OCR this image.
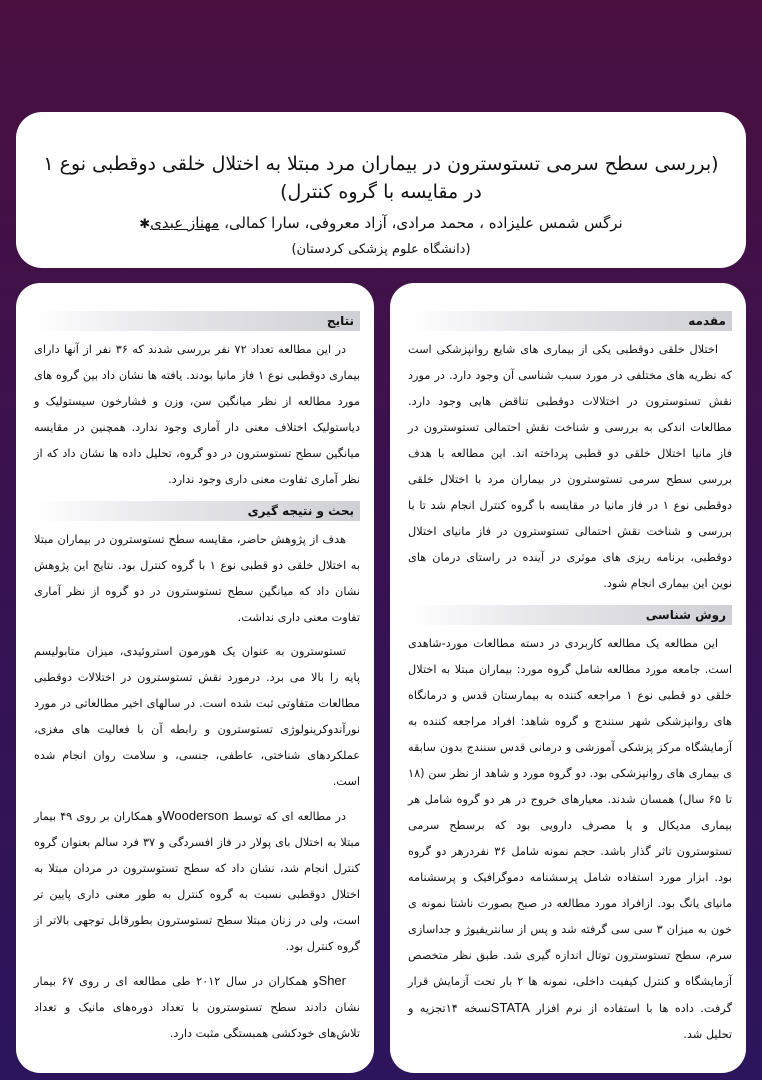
(بررسی سطح سرمی تستوسترون در بیماران مرد مبتلا به اختلال خلقی دوقطبی نوع ۱
در مقایسه با گروه کنترل)
نرگس شمس علیزاده ، محمد مرادی، آزاد معروفی، سارا کمالی، مهناز عبدی✱
(دانشگاه علوم پزشکی کردستان)
مقدمه

اختلال خلقی دوقطبی یکی از بیماری های شایع روانپزشکی است که نظریه های مختلفی در مورد سبب شناسی آن وجود دارد. در مورد نقش تستوسترون در اختلالات دوقطبی تناقض هایی وجود دارد. مطالعات اندکی به بررسی و شناخت نقش احتمالی تستوسترون در فاز مانیا اختلال خلقی دو قطبی پرداخته اند. این مطالعه با هدف بررسی سطح سرمی تستوسترون در بیماران مرد با اختلال خلقی دوقطبی نوع ۱ در فاز مانیا در مقایسه با گروه کنترل انجام شد تا با بررسی و شناخت نقش احتمالی تستوسترون در فاز مانیای اختلال دوقطبی، برنامه ریزی های موثری در آینده در راستای درمان های نوین این بیماری انجام شود.

روش شناسی

این مطالعه یک مطالعه کاربردی در دسته مطالعات مورد-شاهدی است. جامعه مورد مطالعه شامل گروه مورد: بیماران مبتلا به اختلال خلقی دو قطبی نوع ۱ مراجعه کننده به بیمارستان قدس و درمانگاه های روانپزشکی شهر سنندج و گروه شاهد: افراد مراجعه کننده به آزمایشگاه مرکز پزشکی آموزشی و درمانی قدس سنندج بدون سابقه ی بیماری های روانپزشکی بود. دو گروه مورد و شاهد از نظر سن (۱۸ تا ۶۵ سال) همسان شدند. معیارهای خروج در هر دو گروه شامل هر بیماری مدیکال و یا مصرف دارویی بود که برسطح سرمی تستوسترون تاثر گذار باشد. حجم نمونه شامل ۳۶ نفردرهر دو گروه بود. ابزار مورد استفاده شامل پرسشنامه دموگرافیک و پرسشنامه مانیای یانگ بود. ازافراد مورد مطالعه در صبح بصورت ناشتا نمونه ی خون به میزان ۳ سی سی گرفته شد و پس از سانتریفیوژ و جداسازی سرم، سطح تستوسترون توتال اندازه گیری شد. طبق نظر متخصص آزمایشگاه و کنترل کیفیت داخلی، نمونه ها ۲ بار تحت آزمایش قرار گرفت. داده ها با استفاده از نرم افزار STATAنسخه ۱۴تجزیه و تحلیل شد.

نتایج

در این مطالعه تعداد ۷۲ نفر بررسی شدند که ۳۶ نفر از آنها دارای بیماری دوقطبی نوع ۱ فاز مانیا بودند. یافته ها نشان داد بین گروه های مورد مطالعه از نظر میانگین سن، وزن و فشارخون سیستولیک و دیاستولیک اختلاف معنی دار آماری وجود ندارد. همچنین در مقایسه میانگین سطح تستوسترون در دو گروه، تحلیل داده ها نشان داد که از نظر آماری تفاوت معنی داری وجود ندارد.

بحث و نتیجه گیری

هدف از پژوهش حاضر، مقایسه سطح تستوسترون در بیماران مبتلا به اختلال خلقی دو قطبی نوع ۱ با گروه کنترل بود. نتایج این پژوهش نشان داد که میانگین سطح تستوسترون در دو گروه از نظر آماری تفاوت معنی داری نداشت.

تستوسترون به عنوان یک هورمون استروئیدی، میزان متابولیسم پایه را بالا می برد. درمورد نقش تستوسترون در اختلالات دوقطبی مطالعات متفاوتی ثبت شده است. در سالهای اخیر مطالعاتی در مورد نورآندوکرینولوژی تستوسترون و رابطه آن با فعالیت های مغزی، عملکردهای شناختی، عاطفی، جنسی، و سلامت روان انجام شده است.

در مطالعه ای که توسط Woodersonو همکاران بر روی ۴۹ بیمار مبتلا به اختلال بای پولار در فاز افسردگی و ۳۷ فرد سالم بعنوان گروه کنترل انجام شد، نشان داد که سطح تستوسترون در مردان مبتلا به اختلال دوقطبی نسبت به گروه کنترل به طور معنی داری پایین تر است، ولی در زنان مبتلا سطح تستوسترون بطورقابل توجهی بالاتر از گروه کنترل بود.

Sherو همکاران در سال ۲۰۱۲ طی مطالعه ای ر روی ۶۷ بیمار نشان دادند سطح تستوسترون با تعداد دوره‌های مانیک و تعداد تلاش‌های خودکشی همبستگی مثبت دارد.
